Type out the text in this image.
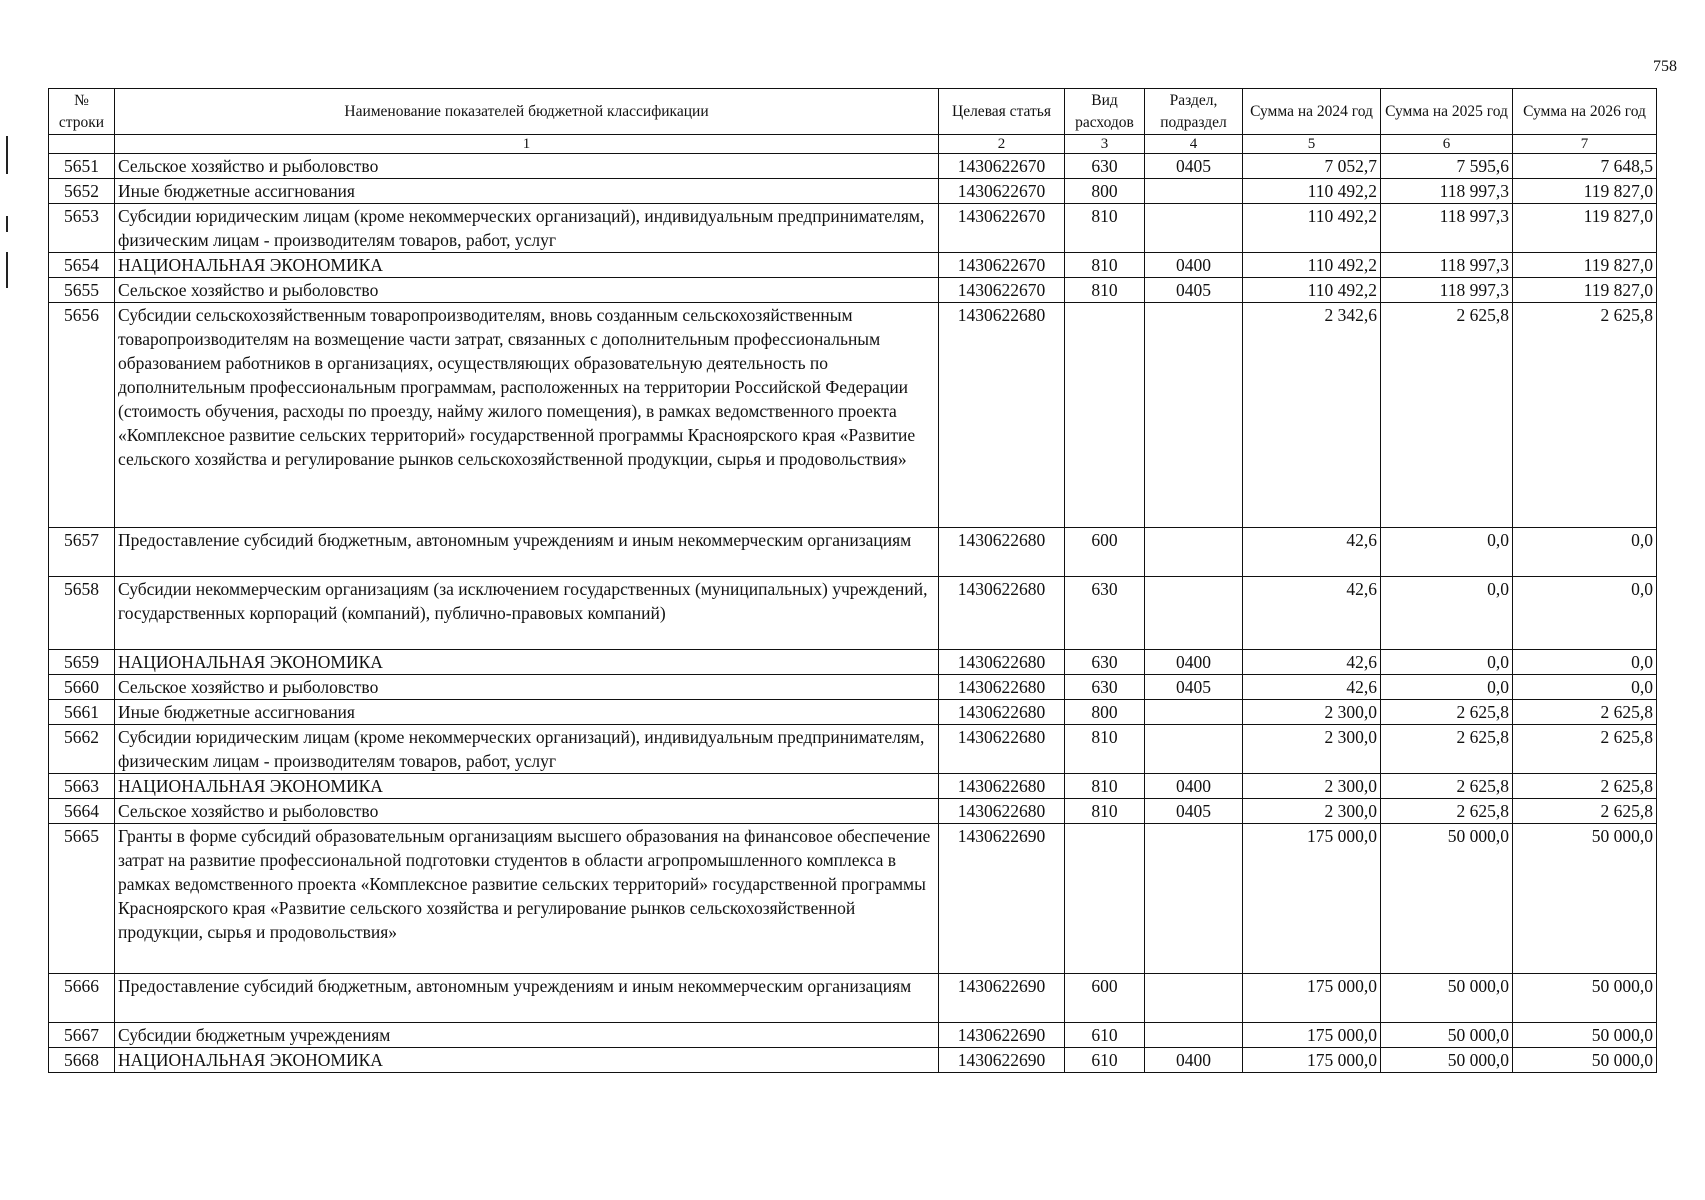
758
№ строки	Наименование показателей бюджетной классификации	Целевая статья	Вид расходов	Раздел, подраздел	Сумма на 2024 год	Сумма на 2025 год	Сумма на 2026 год
	1	2	3	4	5	6	7
5651	Сельское хозяйство и рыболовство	1430622670	630	0405	7 052,7	7 595,6	7 648,5
5652	Иные бюджетные ассигнования	1430622670	800		110 492,2	118 997,3	119 827,0
5653	Субсидии юридическим лицам (кроме некоммерческих организаций), индивидуальным предпринимателям, физическим лицам - производителям товаров, работ, услуг	1430622670	810		110 492,2	118 997,3	119 827,0
5654	НАЦИОНАЛЬНАЯ ЭКОНОМИКА	1430622670	810	0400	110 492,2	118 997,3	119 827,0
5655	Сельское хозяйство и рыболовство	1430622670	810	0405	110 492,2	118 997,3	119 827,0
5656	Субсидии сельскохозяйственным товаропроизводителям, вновь созданным сельскохозяйственным товаропроизводителям на возмещение части затрат, связанных с дополнительным профессиональным образованием работников в организациях, осуществляющих образовательную деятельность по дополнительным профессиональным программам, расположенных на территории Российской Федерации (стоимость обучения, расходы по проезду, найму жилого помещения), в рамках ведомственного проекта «Комплексное развитие сельских территорий» государственной программы Красноярского края «Развитие сельского хозяйства и регулирование рынков сельскохозяйственной продукции, сырья и продовольствия»	1430622680			2 342,6	2 625,8	2 625,8
5657	Предоставление субсидий бюджетным, автономным учреждениям и иным некоммерческим организациям	1430622680	600		42,6	0,0	0,0
5658	Субсидии некоммерческим организациям (за исключением государственных (муниципальных) учреждений, государственных корпораций (компаний), публично-правовых компаний)	1430622680	630		42,6	0,0	0,0
5659	НАЦИОНАЛЬНАЯ ЭКОНОМИКА	1430622680	630	0400	42,6	0,0	0,0
5660	Сельское хозяйство и рыболовство	1430622680	630	0405	42,6	0,0	0,0
5661	Иные бюджетные ассигнования	1430622680	800		2 300,0	2 625,8	2 625,8
5662	Субсидии юридическим лицам (кроме некоммерческих организаций), индивидуальным предпринимателям, физическим лицам - производителям товаров, работ, услуг	1430622680	810		2 300,0	2 625,8	2 625,8
5663	НАЦИОНАЛЬНАЯ ЭКОНОМИКА	1430622680	810	0400	2 300,0	2 625,8	2 625,8
5664	Сельское хозяйство и рыболовство	1430622680	810	0405	2 300,0	2 625,8	2 625,8
5665	Гранты в форме субсидий образовательным организациям высшего образования на финансовое обеспечение затрат на развитие профессиональной подготовки студентов в области агропромышленного комплекса в рамках ведомственного проекта «Комплексное развитие сельских территорий» государственной программы Красноярского края «Развитие сельского хозяйства и регулирование рынков сельскохозяйственной продукции, сырья и продовольствия»	1430622690			175 000,0	50 000,0	50 000,0
5666	Предоставление субсидий бюджетным, автономным учреждениям и иным некоммерческим организациям	1430622690	600		175 000,0	50 000,0	50 000,0
5667	Субсидии бюджетным учреждениям	1430622690	610		175 000,0	50 000,0	50 000,0
5668	НАЦИОНАЛЬНАЯ ЭКОНОМИКА	1430622690	610	0400	175 000,0	50 000,0	50 000,0
